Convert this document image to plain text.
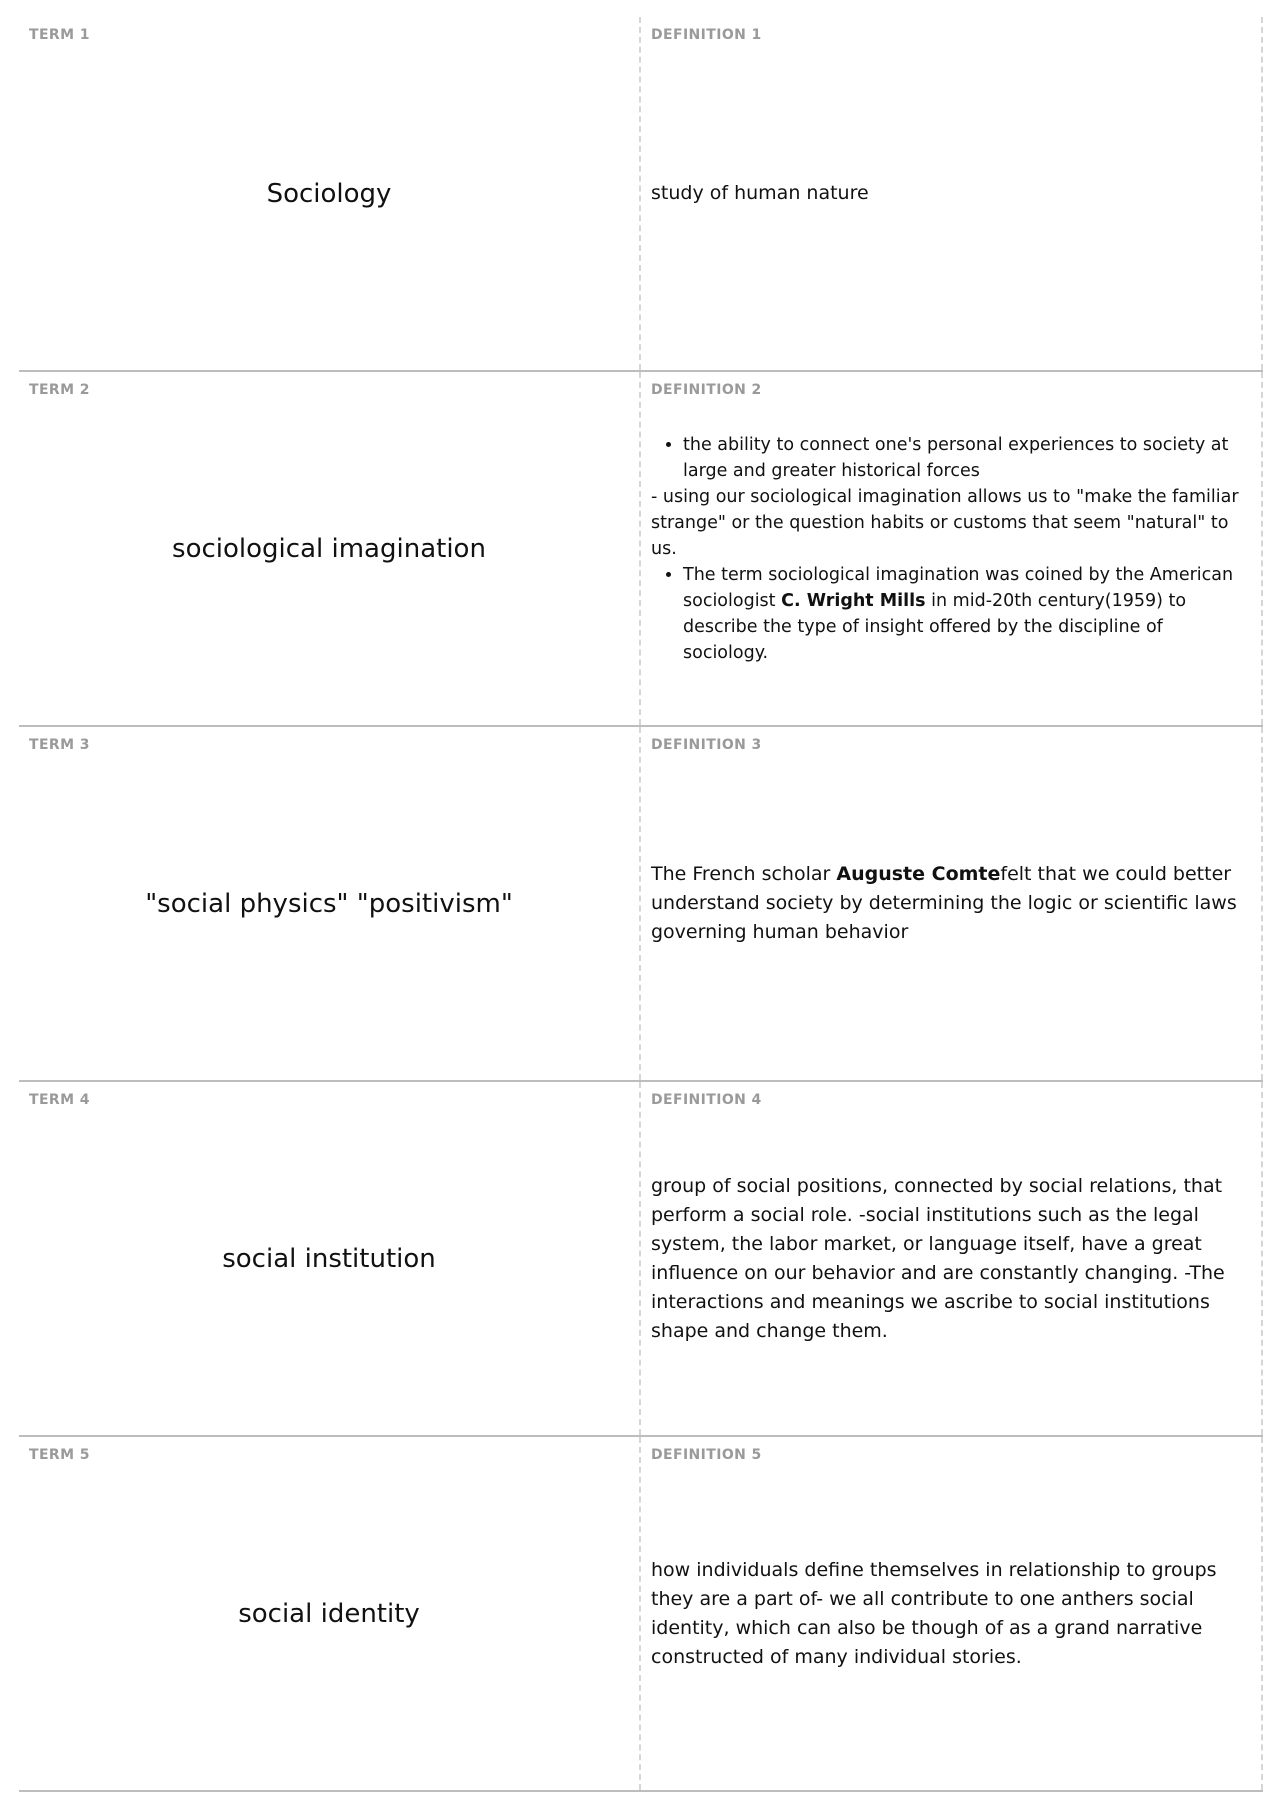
TERM 1
Sociology
DEFINITION 1
study of human nature
TERM 2
sociological imagination
DEFINITION 2
• the ability to connect one's personal experiences to society at large and greater historical forces

- using our sociological imagination allows us to "make the familiar strange" or the question habits or customs that seem "natural" to us.

• The term sociological imagination was coined by the American sociologist C. Wright Mills in mid-20th century(1959) to describe the type of insight offered by the discipline of sociology.
TERM 3
"social physics" "positivism"
DEFINITION 3
The French scholar Auguste Comtefelt that we could better understand society by determining the logic or scientific laws governing human behavior
TERM 4
social institution
DEFINITION 4
group of social positions, connected by social relations, that perform a social role. -social institutions such as the legal system, the labor market, or language itself, have a great influence on our behavior and are constantly changing. -The interactions and meanings we ascribe to social institutions shape and change them.
TERM 5
social identity
DEFINITION 5
how individuals define themselves in relationship to groups they are a part of- we all contribute to one anthers social identity, which can also be though of as a grand narrative constructed of many individual stories.
